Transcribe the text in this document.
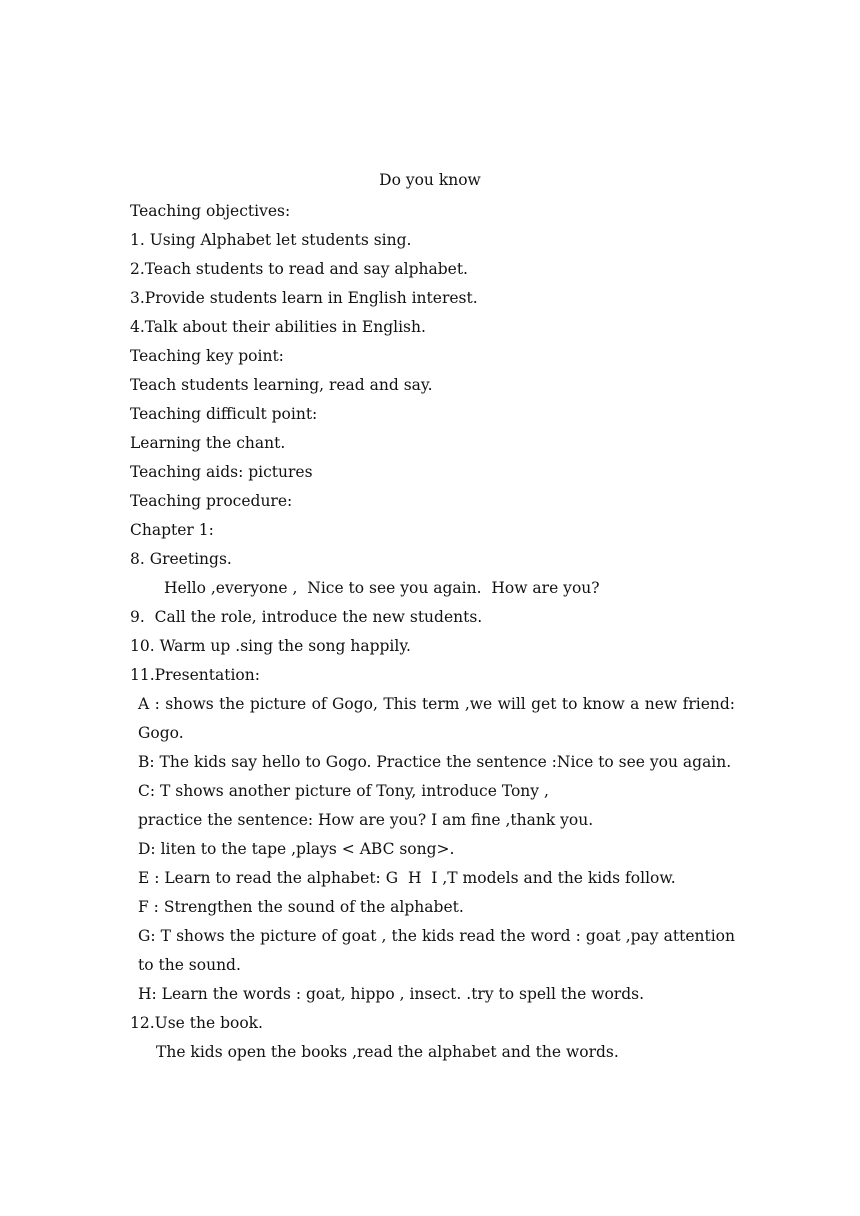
Do you know
Teaching objectives:
1. Using Alphabet let students sing.
2.Teach students to read and say alphabet.
3.Provide students learn in English interest.
4.Talk about their abilities in English.
Teaching key point:
Teach students learning, read and say.
Teaching difficult point:
Learning the chant.
Teaching aids: pictures
Teaching procedure:
Chapter 1:
8. Greetings.
Hello ,everyone ,  Nice to see you again.  How are you?
9.  Call the role, introduce the new students.
10. Warm up .sing the song happily.
11.Presentation:
A : shows the picture of Gogo, This term ,we will get to know a new friend: Gogo.
B: The kids say hello to Gogo. Practice the sentence :Nice to see you again.
C: T shows another picture of Tony, introduce Tony ,
practice the sentence: How are you? I am fine ,thank you.
D: liten to the tape ,plays < ABC song>.
E : Learn to read the alphabet: G  H  I ,T models and the kids follow.
F : Strengthen the sound of the alphabet.
G: T shows the picture of goat , the kids read the word : goat ,pay attention to the sound.
H: Learn the words : goat, hippo , insect. .try to spell the words.
12.Use the book.
The kids open the books ,read the alphabet and the words.
